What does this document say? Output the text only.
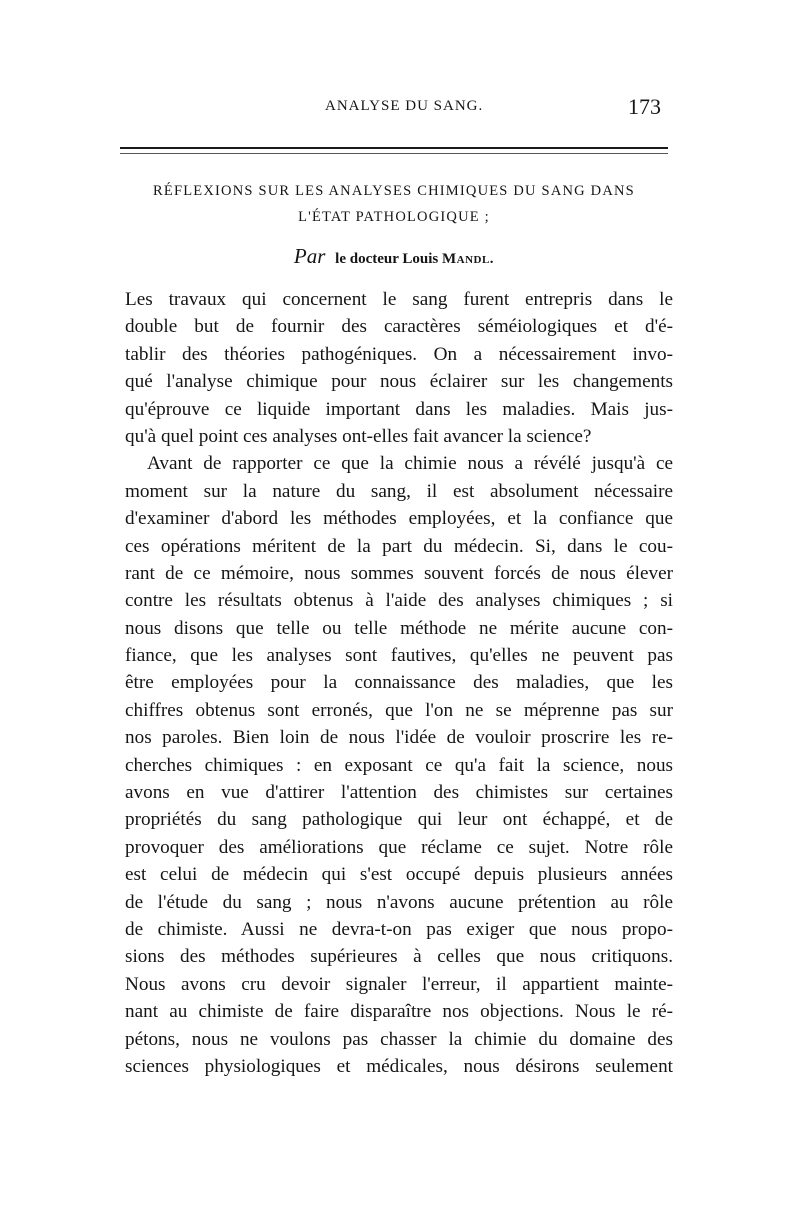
ANALYSE DU SANG.	173
RÉFLEXIONS SUR LES ANALYSES CHIMIQUES DU SANG DANS
L'ÉTAT PATHOLOGIQUE ;
Par le docteur Louis Mandl.
Les travaux qui concernent le sang furent entrepris dans le
double but de fournir des caractères séméiologiques et d'é-
tablir des théories pathogéniques. On a nécessairement invo-
qué l'analyse chimique pour nous éclairer sur les changements
qu'éprouve ce liquide important dans les maladies. Mais jus-
qu'à quel point ces analyses ont-elles fait avancer la science?
Avant de rapporter ce que la chimie nous a révélé jusqu'à ce
moment sur la nature du sang, il est absolument nécessaire
d'examiner d'abord les méthodes employées, et la confiance que
ces opérations méritent de la part du médecin. Si, dans le cou-
rant de ce mémoire, nous sommes souvent forcés de nous élever
contre les résultats obtenus à l'aide des analyses chimiques ; si
nous disons que telle ou telle méthode ne mérite aucune con-
fiance, que les analyses sont fautives, qu'elles ne peuvent pas
être employées pour la connaissance des maladies, que les
chiffres obtenus sont erronés, que l'on ne se méprenne pas sur
nos paroles. Bien loin de nous l'idée de vouloir proscrire les re-
cherches chimiques : en exposant ce qu'a fait la science, nous
avons en vue d'attirer l'attention des chimistes sur certaines
propriétés du sang pathologique qui leur ont échappé, et de
provoquer des améliorations que réclame ce sujet. Notre rôle
est celui de médecin qui s'est occupé depuis plusieurs années
de l'étude du sang ; nous n'avons aucune prétention au rôle
de chimiste. Aussi ne devra-t-on pas exiger que nous propo-
sions des méthodes supérieures à celles que nous critiquons.
Nous avons cru devoir signaler l'erreur, il appartient mainte-
nant au chimiste de faire disparaître nos objections. Nous le ré-
pétons, nous ne voulons pas chasser la chimie du domaine des
sciences physiologiques et médicales, nous désirons seulement
